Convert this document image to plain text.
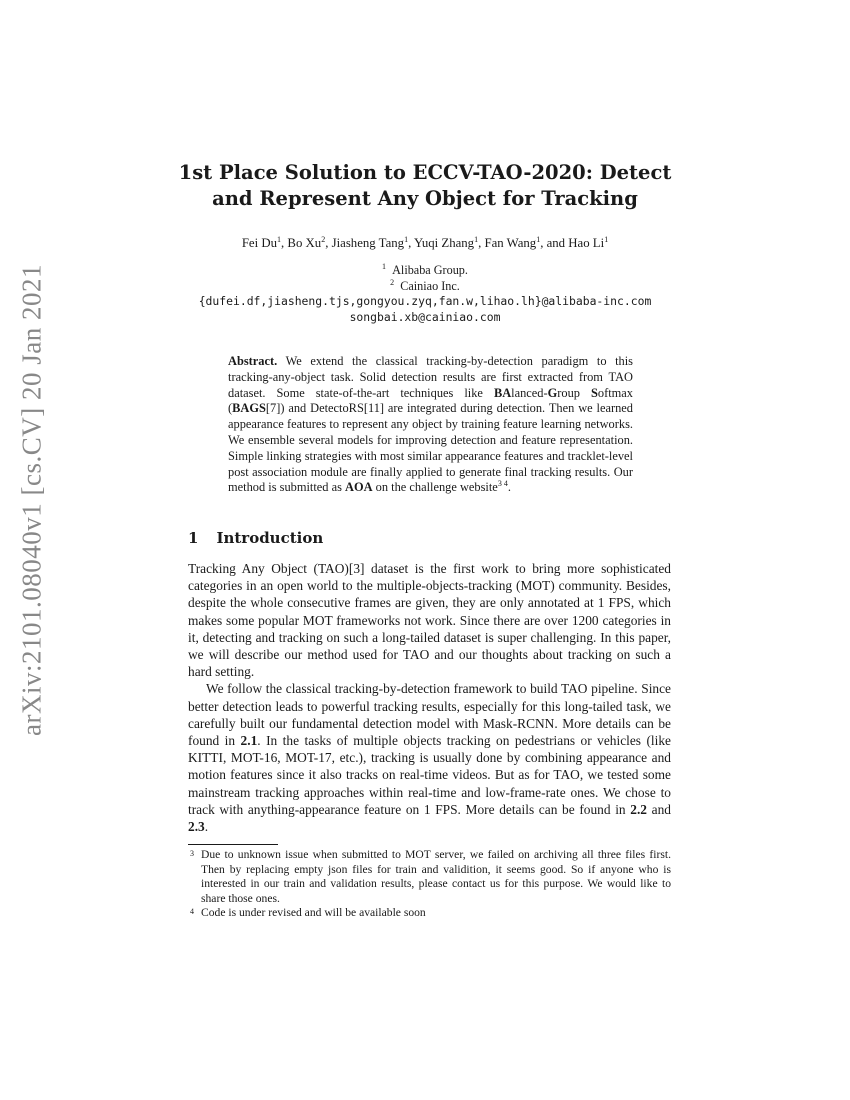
arXiv:2101.08040v1 [cs.CV] 20 Jan 2021
1st Place Solution to ECCV-TAO-2020: Detect
and Represent Any Object for Tracking
Fei Du$^1$, Bo Xu$^2$, Jiasheng Tang$^1$, Yuqi Zhang$^1$, Fan Wang$^1$, and Hao Li$^1$
$^1$ Alibaba Group.
$^2$ Cainiao Inc.
{dufei.df,jiasheng.tjs,gongyou.zyq,fan.w,lihao.lh}@alibaba-inc.com
songbai.xb@cainiao.com
Abstract. We extend the classical tracking-by-detection paradigm to this tracking-any-object task. Solid detection results are first extracted from TAO dataset. Some state-of-the-art techniques like BAlanced-Group Softmax (BAGS[7]) and DetectoRS[11] are integrated during detection. Then we learned appearance features to represent any object by training feature learning networks. We ensemble several models for improving detection and feature representation. Simple linking strategies with most similar appearance features and tracklet-level post association module are finally applied to generate final tracking results. Our method is submitted as AOA on the challenge website$^{3 4}$.
1 Introduction

Tracking Any Object (TAO)[3] dataset is the first work to bring more sophisticated categories in an open world to the multiple-objects-tracking (MOT) community. Besides, despite the whole consecutive frames are given, they are only annotated at 1 FPS, which makes some popular MOT frameworks not work. Since there are over 1200 categories in it, detecting and tracking on such a long-tailed dataset is super challenging. In this paper, we will describe our method used for TAO and our thoughts about tracking on such a hard setting.

We follow the classical tracking-by-detection framework to build TAO pipeline. Since better detection leads to powerful tracking results, especially for this long-tailed task, we carefully built our fundamental detection model with Mask-RCNN. More details can be found in 2.1. In the tasks of multiple objects tracking on pedestrians or vehicles (like KITTI, MOT-16, MOT-17, etc.), tracking is usually done by combining appearance and motion features since it also tracks on real-time videos. But as for TAO, we tested some mainstream tracking approaches within real-time and low-frame-rate ones. We chose to track with anything-appearance feature on 1 FPS. More details can be found in 2.2 and 2.3.

3 Due to unknown issue when submitted to MOT server, we failed on archiving all three files first. Then by replacing empty json files for train and validition, it seems good. So if anyone who is interested in our train and validation results, please contact us for this purpose. We would like to share those ones.
4 Code is under revised and will be available soon
